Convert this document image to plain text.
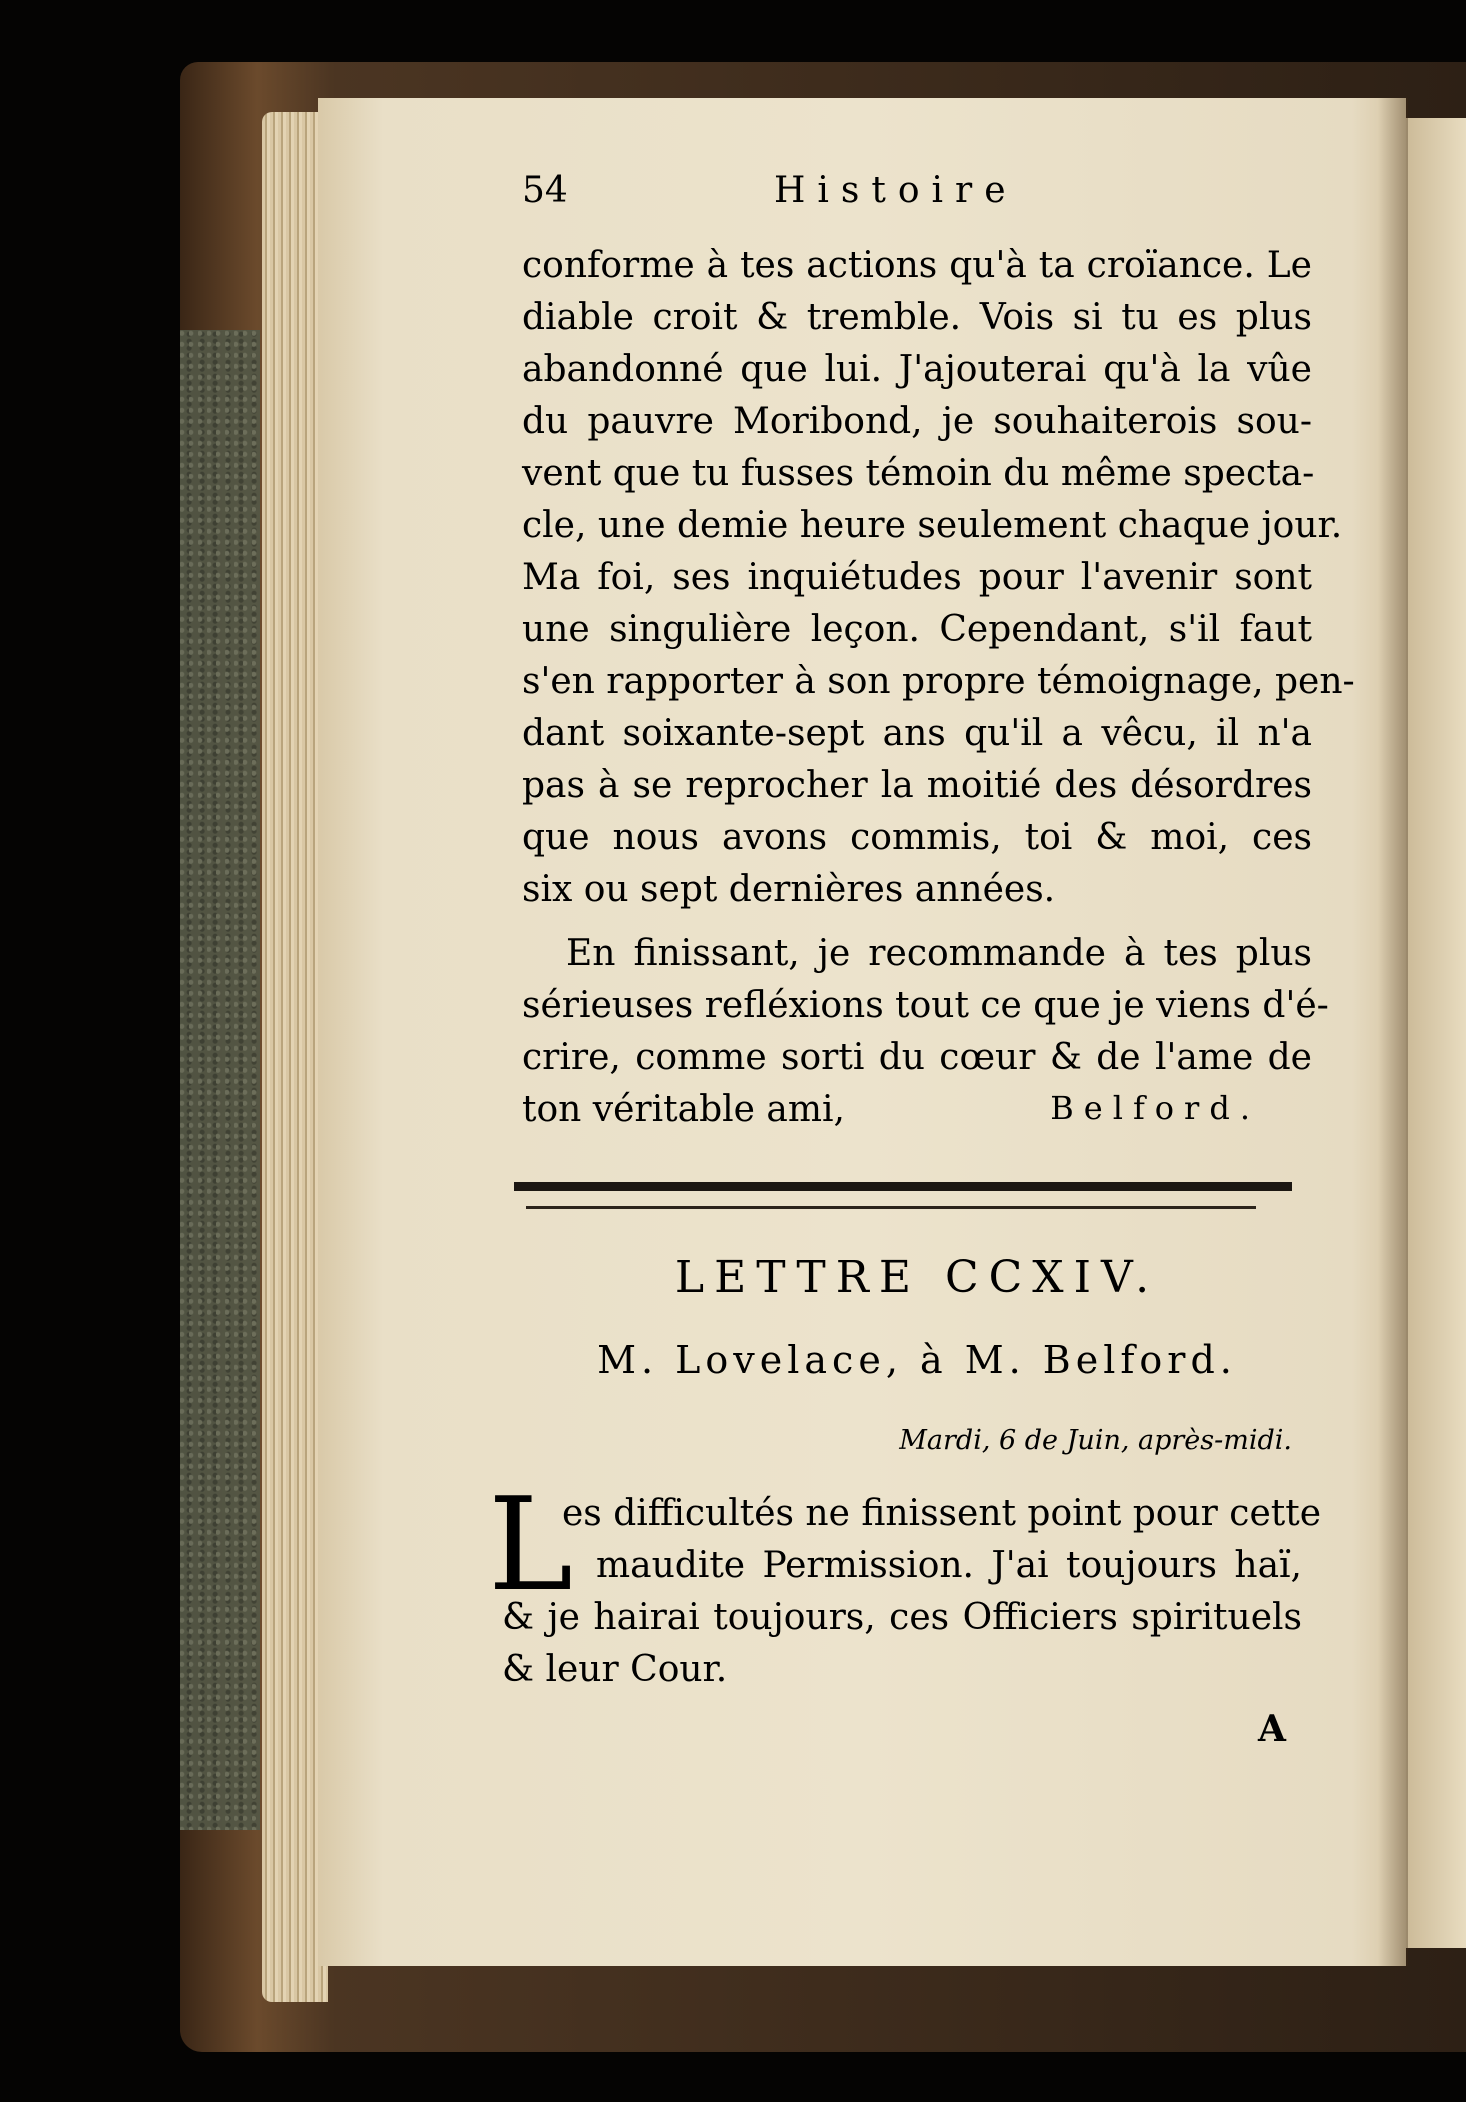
54	Histoire
conforme à tes actions qu'à ta croïance. Le
diable croit & tremble. Vois si tu es plus
abandonné que lui. J'ajouterai qu'à la vûe
du pauvre Moribond, je souhaiterois sou-
vent que tu fusses témoin du même specta-
cle, une demie heure seulement chaque jour.
Ma foi, ses inquiétudes pour l'avenir sont
une singulière leçon. Cependant, s'il faut
s'en rapporter à son propre témoignage, pen-
dant soixante-sept ans qu'il a vêcu, il n'a
pas à se reprocher la moitié des désordres
que nous avons commis, toi & moi, ces
six ou sept dernières années.
En finissant, je recommande à tes plus
sérieuses refléxions tout ce que je viens d'é-
crire, comme sorti du cœur & de l'ame de
ton véritable ami,	Belford.
LETTRE CCXIV.
M. Lovelace, à M. Belford.
Mardi, 6 de Juin, après-midi.
L
es difficultés ne finissent point pour cette
maudite Permission. J'ai toujours haï,
& je hairai toujours, ces Officiers spirituels
& leur Cour.
A
